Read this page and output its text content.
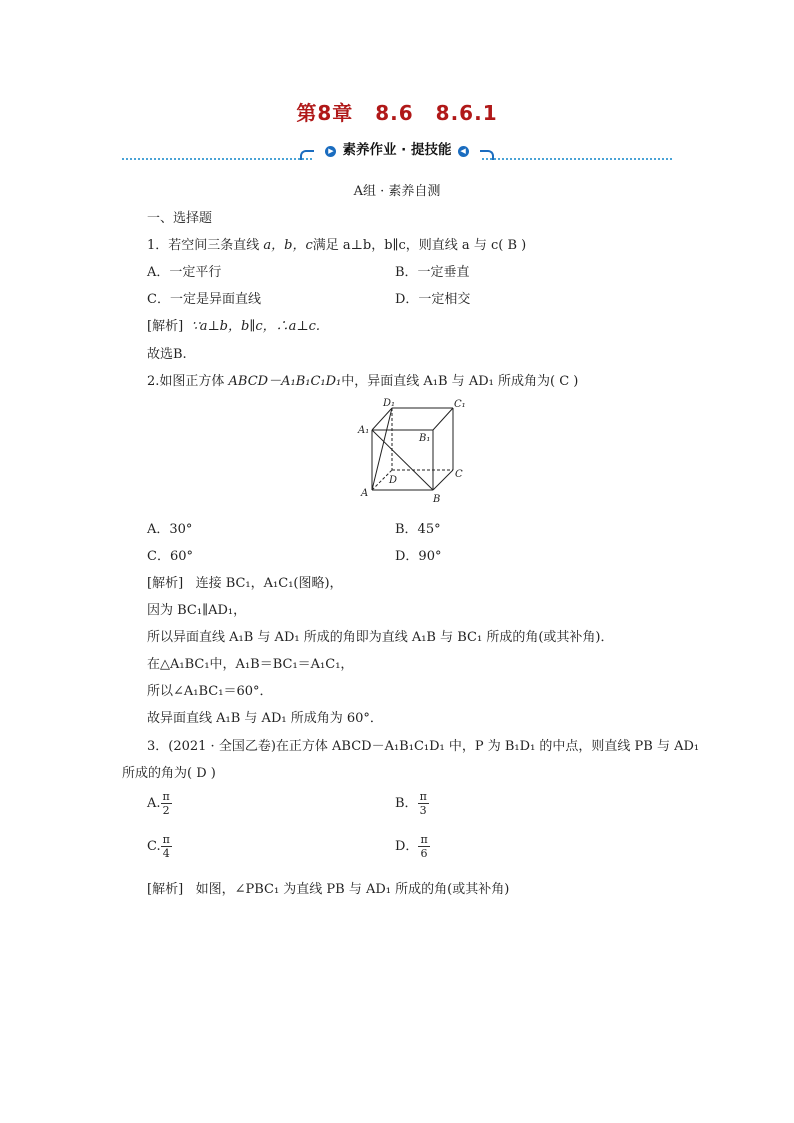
第8章 8.6 8.6.1
▶ 素养作业 · 提技能 ◀
A组 · 素养自测
一、选择题
1．若空间三条直线 a，b，c满足 a⊥b，b∥c，则直线 a 与 c( B )
A．一定平行	B．一定垂直
C．一定是异面直线	D．一定相交
[解析] ∵a⊥b，b∥c，∴a⊥c.
故选B.
2.如图正方体 ABCD－A₁B₁C₁D₁中，异面直线 A₁B 与 AD₁ 所成角为( C )
D₁	C₁
A₁
B₁
D
C
A
B
A．30°	B．45°
C．60°	D．90°
[解析] 连接 BC₁，A₁C₁(图略)，
因为 BC₁∥AD₁，
所以异面直线 A₁B 与 AD₁ 所成的角即为直线 A₁B 与 BC₁ 所成的角(或其补角)．
在△A₁BC₁中，A₁B＝BC₁＝A₁C₁，
所以∠A₁BC₁＝60°．
故异面直线 A₁B 与 AD₁ 所成角为 60°．
3．(2021 · 全国乙卷)在正方体 ABCD－A₁B₁C₁D₁ 中，P 为 B₁D₁ 的中点，则直线 PB 与 AD₁
所成的角为( D )
A. $\frac{\pi}{2}$	B． $\frac{\pi}{3}$
C. $\frac{\pi}{4}$	D． $\frac{\pi}{6}$
[解析] 如图，∠PBC₁ 为直线 PB 与 AD₁ 所成的角(或其补角)
